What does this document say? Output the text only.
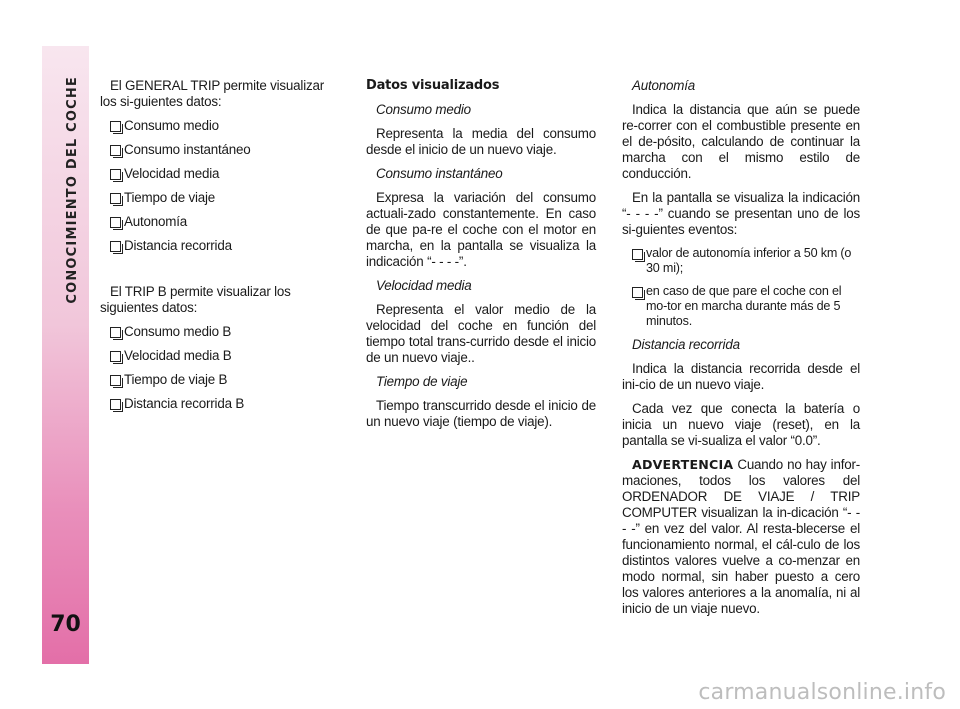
CONOCIMIENTO DEL COCHE
70

El GENERAL TRIP permite visualizar los si-guientes datos:

Consumo medio
Consumo instantáneo
Velocidad media
Tiempo de viaje
Autonomía
Distancia recorrida

El TRIP B permite visualizar los siguientes datos:

Consumo medio B
Velocidad media B
Tiempo de viaje B
Distancia recorrida B

Datos visualizados

Consumo medio

Representa la media del consumo desde el inicio de un nuevo viaje.

Consumo instantáneo

Expresa la variación del consumo actuali-zado constantemente. En caso de que pa-re el coche con el motor en marcha, en la pantalla se visualiza la indicación “- - - -”.

Velocidad media

Representa el valor medio de la velocidad del coche en función del tiempo total trans-currido desde el inicio de un nuevo viaje..

Tiempo de viaje

Tiempo transcurrido desde el inicio de un nuevo viaje (tiempo de viaje).

Autonomía

Indica la distancia que aún se puede re-correr con el combustible presente en el de-pósito, calculando de continuar la marcha con el mismo estilo de conducción.

En la pantalla se visualiza la indicación “- - - -” cuando se presentan uno de los si-guientes eventos:

valor de autonomía inferior a 50 km (o 30 mi);
en caso de que pare el coche con el mo-tor en marcha durante más de 5 minutos.

Distancia recorrida

Indica la distancia recorrida desde el ini-cio de un nuevo viaje.

Cada vez que conecta la batería o inicia un nuevo viaje (reset), en la pantalla se vi-sualiza el valor “0.0”.

ADVERTENCIA Cuando no hay infor-maciones, todos los valores del ORDENADOR DE VIAJE / TRIP COMPUTER visualizan la in-dicación “- - - -” en vez del valor. Al resta-blecerse el funcionamiento normal, el cál-culo de los distintos valores vuelve a co-menzar en modo normal, sin haber puesto a cero los valores anteriores a la anomalía, ni al inicio de un viaje nuevo.

carmanualsonline.info
